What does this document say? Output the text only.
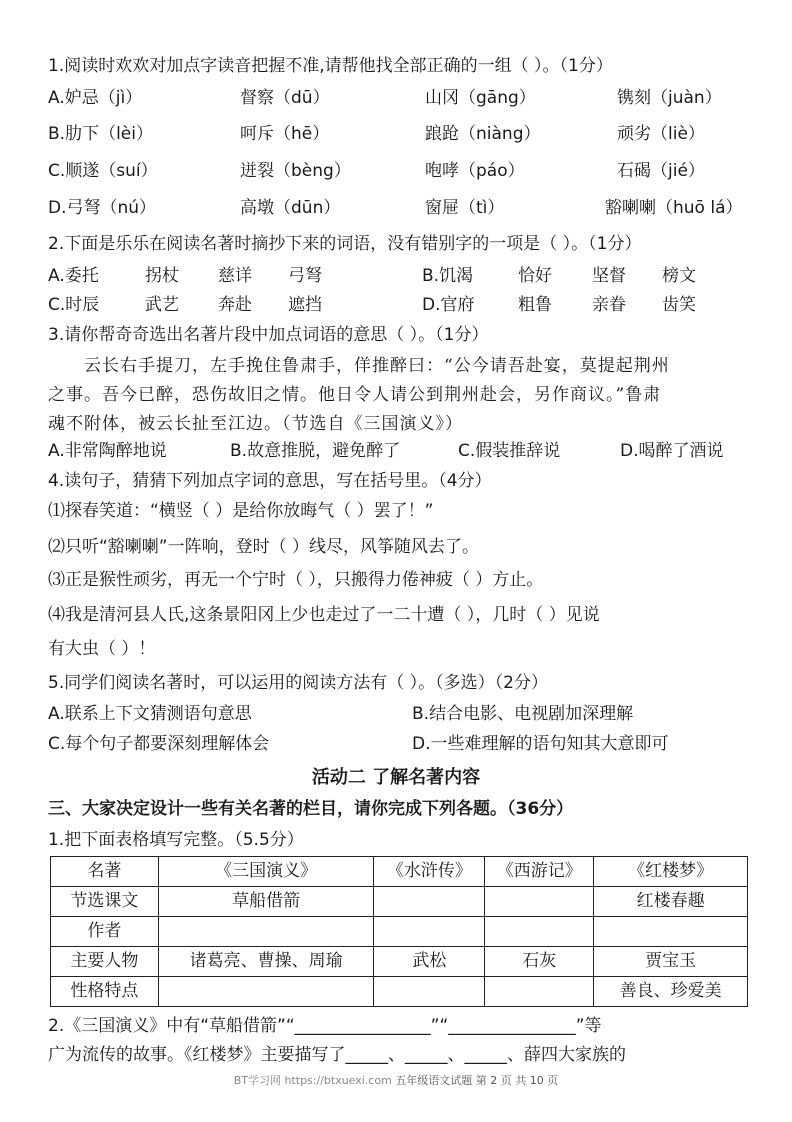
1.阅读时欢欢对加点字读音把握不准,请帮他找全部正确的一组（ ）。（1分）
A.妒忌（jì）	督察（dū）	山冈（gāng）	镌刻（juàn）
B.肋下（lèi）	呵斥（hē）	踉跄（niàng）	顽劣（liè）
C.顺遂（suí）	迸裂（bèng）	咆哮（páo）	石碣（jié）
D.弓弩（nú）	高墩（dūn）	窗屉（tì）	豁喇喇（huō lá）
2.下面是乐乐在阅读名著时摘抄下来的词语，没有错别字的一项是（ ）。（1分）
A.委托	拐杖 慈详 弓弩	B.饥渴	恰好 坚督 榜文
C.时辰	武艺 奔赴 遮挡	D.官府	粗鲁 亲眷 齿笑
3.请你帮奇奇选出名著片段中加点词语的意思（ ）。（1分）
云长右手提刀，左手挽住鲁肃手，佯推醉曰：“公今请吾赴宴，莫提起荆州
之事。吾今已醉，恐伤故旧之情。他日令人请公到荆州赴会，另作商议。”鲁肃
魂不附体，被云长扯至江边。（节选自《三国演义》）
A.非常陶醉地说	B.故意推脱，避免醉了	C.假装推辞说	D.喝醉了酒说
4.读句子，猜猜下列加点字词的意思，写在括号里。（4分）
⑴探春笑道：“横竖（ ）是给你放晦气（ ）罢了！”
⑵只听“豁喇喇”一阵响，登时（ ）线尽，风筝随风去了。
⑶正是猴性顽劣，再无一个宁时（ ），只搬得力倦神疲（ ）方止。
⑷我是清河县人氏,这条景阳冈上少也走过了一二十遭（ ），几时（ ）见说
有大虫（ ）！
5.同学们阅读名著时，可以运用的阅读方法有（ ）。（多选）（2分）
A.联系上下文猜测语句意思	B.结合电影、电视剧加深理解
C.每个句子都要深刻理解体会	D.一些难理解的语句知其大意即可
活动二 了解名著内容
三、大家决定设计一些有关名著的栏目，请你完成下列各题。（36分）
1.把下面表格填写完整。（5.5分）
名著	《三国演义》	《水浒传》	《西游记》	《红楼梦》
节选课文	草船借箭			红楼春趣
作者				
主要人物	诸葛亮、曹操、周瑜	武松	石灰	贾宝玉
性格特点				善良、珍爱美
2.《三国演义》中有“草船借箭”“________________”“_______________”等
广为流传的故事。《红楼梦》主要描写了_____、_____、_____、薛四大家族的
BT学习网 https://btxuexi.com 五年级语文试题 第 2 页 共 10 页
